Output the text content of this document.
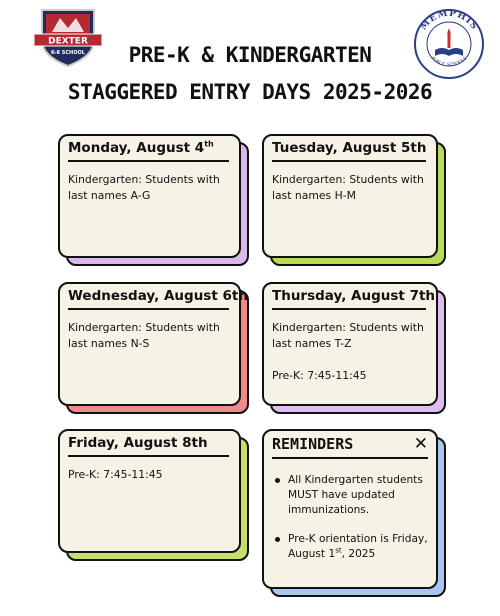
DEXTER
K-8 SCHOOL
MEMPHIS
PUBLIC SCHOOLS
PRE-K & KINDERGARTEN
STAGGERED ENTRY DAYS 2025-2026
Monday, August 4th

Kindergarten: Students with last names A-G

Tuesday, August 5th

Kindergarten: Students with last names H-M

Wednesday, August 6th

Kindergarten: Students with last names N-S

Thursday, August 7th

Kindergarten: Students with last names T-Z

Pre-K: 7:45-11:45

Friday, August 8th

Pre-K: 7:45-11:45

REMINDERS	✕
All Kindergarten students MUST have updated immunizations.
Pre-K orientation is Friday, August 1st, 2025
